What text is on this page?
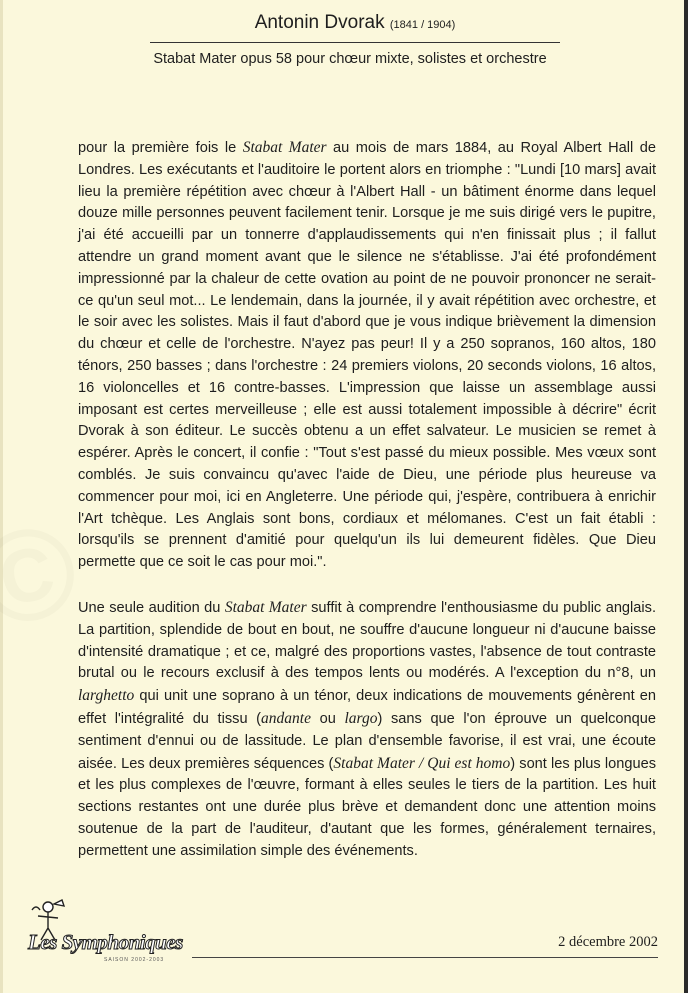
Antonin Dvorak (1841 / 1904)
Stabat Mater opus 58 pour chœur mixte, solistes et orchestre

pour la première fois le Stabat Mater au mois de mars 1884, au Royal Albert Hall de Londres. Les exécutants et l'auditoire le portent alors en triomphe : "Lundi [10 mars] avait lieu la première répétition avec chœur à l'Albert Hall - un bâtiment énorme dans lequel douze mille personnes peuvent facilement tenir. Lorsque je me suis dirigé vers le pupitre, j'ai été accueilli par un tonnerre d'applaudissements qui n'en finissait plus ; il fallut attendre un grand moment avant que le silence ne s'établisse. J'ai été profondément impressionné par la chaleur de cette ovation au point de ne pouvoir prononcer ne serait-ce qu'un seul mot... Le lendemain, dans la journée, il y avait répétition avec orchestre, et le soir avec les solistes. Mais il faut d'abord que je vous indique brièvement la dimension du chœur et celle de l'orchestre. N'ayez pas peur! Il y a 250 sopranos, 160 altos, 180 ténors, 250 basses ; dans l'orchestre : 24 premiers violons, 20 seconds violons, 16 altos, 16 violoncelles et 16 contre-basses. L'impression que laisse un assemblage aussi imposant est certes merveilleuse ; elle est aussi totalement impossible à décrire" écrit Dvorak à son éditeur. Le succès obtenu a un effet salvateur. Le musicien se remet à espérer. Après le concert, il confie : "Tout s'est passé du mieux possible. Mes vœux sont comblés. Je suis convaincu qu'avec l'aide de Dieu, une période plus heureuse va commencer pour moi, ici en Angleterre. Une période qui, j'espère, contribuera à enrichir l'Art tchèque. Les Anglais sont bons, cordiaux et mélomanes. C'est un fait établi : lorsqu'ils se prennent d'amitié pour quelqu'un ils lui demeurent fidèles. Que Dieu permette que ce soit le cas pour moi.".

Une seule audition du Stabat Mater suffit à comprendre l'enthousiasme du public anglais. La partition, splendide de bout en bout, ne souffre d'aucune longueur ni d'aucune baisse d'intensité dramatique ; et ce, malgré des proportions vastes, l'absence de tout contraste brutal ou le recours exclusif à des tempos lents ou modérés. A l'exception du n°8, un larghetto qui unit une soprano à un ténor, deux indications de mouvements génèrent en effet l'intégralité du tissu (andante ou largo) sans que l'on éprouve un quelconque sentiment d'ennui ou de lassitude. Le plan d'ensemble favorise, il est vrai, une écoute aisée. Les deux premières séquences (Stabat Mater / Qui est homo) sont les plus longues et les plus complexes de l'œuvre, formant à elles seules le tiers de la partition. Les huit sections restantes ont une durée plus brève et demandent donc une attention moins soutenue de la part de l'auditeur, d'autant que les formes, généralement ternaires, permettent une assimilation simple des événements.

Les Symphoniques
SAISON 2002-2003
2 décembre 2002
